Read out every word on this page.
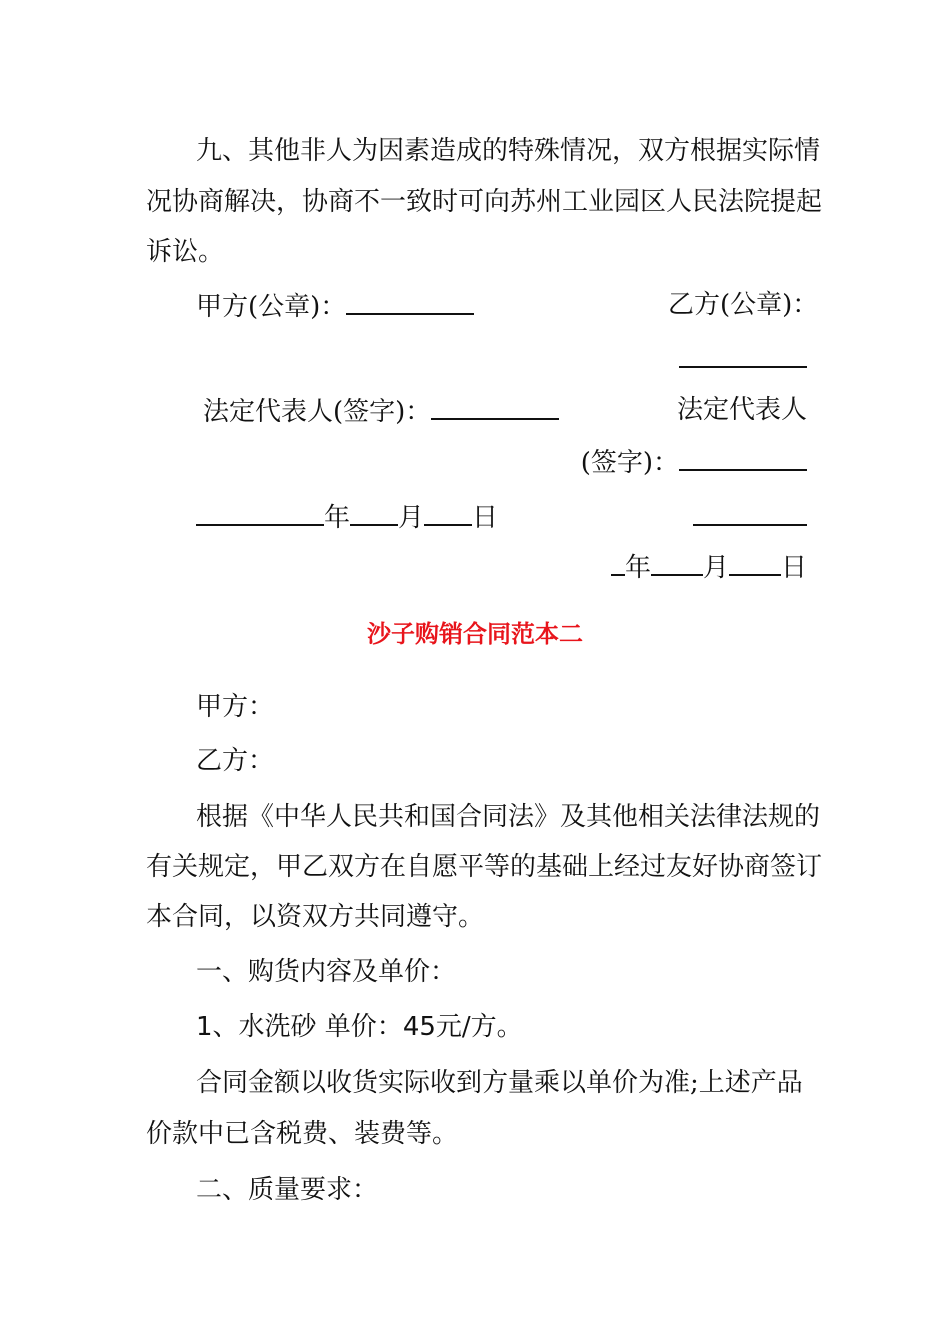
九、其他非人为因素造成的特殊情况，双方根据实际情
况协商解决，协商不一致时可向苏州工业园区人民法院提起
诉讼。
甲方(公章)：	乙方(公章)：
法定代表人(签字)：	法定代表人
(签字)：
年 月 日
年 月 日
沙子购销合同范本二
甲方：
乙方：
根据《中华人民共和国合同法》及其他相关法律法规的
有关规定，甲乙双方在自愿平等的基础上经过友好协商签订
本合同，以资双方共同遵守。
一、购货内容及单价：
1、水洗砂 单价：45元/方。
合同金额以收货实际收到方量乘以单价为准;上述产品
价款中已含税费、装费等。
二、质量要求：
